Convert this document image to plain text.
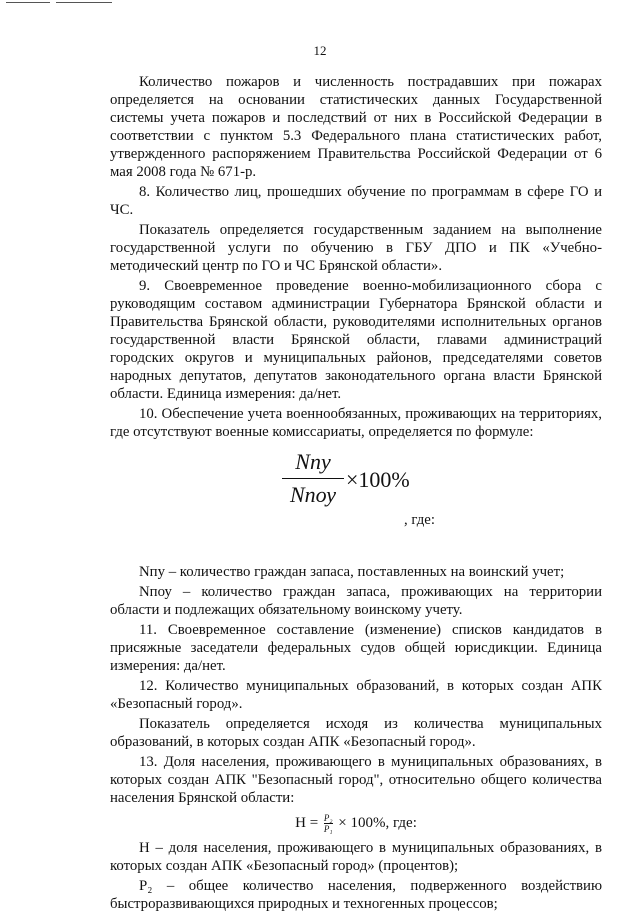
12

Количество пожаров и численность пострадавших при пожарах определяется на основании статистических данных Государственной системы учета пожаров и последствий от них в Российской Федерации в соответствии с пунктом 5.3 Федерального плана статистических работ, утвержденного распоряжением Правительства Российской Федерации от 6 мая 2008 года № 671-р.

8. Количество лиц, прошедших обучение по программам в сфере ГО и ЧС.

Показатель определяется государственным заданием на выполнение государственной услуги по обучению в ГБУ ДПО и ПК «Учебно-методический центр по ГО и ЧС Брянской области».

9. Своевременное проведение военно-мобилизационного сбора с руководящим составом администрации Губернатора Брянской области и Правительства Брянской области, руководителями исполнительных органов государственной власти Брянской области, главами администраций городских округов и муниципальных районов, председателями советов народных депутатов, депутатов законодательного органа власти Брянской области. Единица измерения: да/нет.

10. Обеспечение учета военнообязанных, проживающих на территориях, где отсутствуют военные комиссариаты, определяется по формуле:

Nпу
Nпоу
×100%
, где:

Nпу – количество граждан запаса, поставленных на воинский учет;

Nпоу – количество граждан запаса, проживающих на территории области и подлежащих обязательному воинскому учету.

11. Своевременное составление (изменение) списков кандидатов в присяжные заседатели федеральных судов общей юрисдикции. Единица измерения: да/нет.

12. Количество муниципальных образований, в которых создан АПК «Безопасный город».

Показатель определяется исходя из количества муниципальных образований, в которых создан АПК «Безопасный город».

13. Доля населения, проживающего в муниципальных образованиях, в которых создан АПК "Безопасный город", относительно общего количества населения Брянской области:

$H = \frac{\text{P₂}}{\text{P₁}} \times 100\%$, где:

Н – доля населения, проживающего в муниципальных образованиях, в которых создан АПК «Безопасный город» (процентов);

Р₂ – общее количество населения, подверженного воздействию быстроразвивающихся природных и техногенных процессов;
